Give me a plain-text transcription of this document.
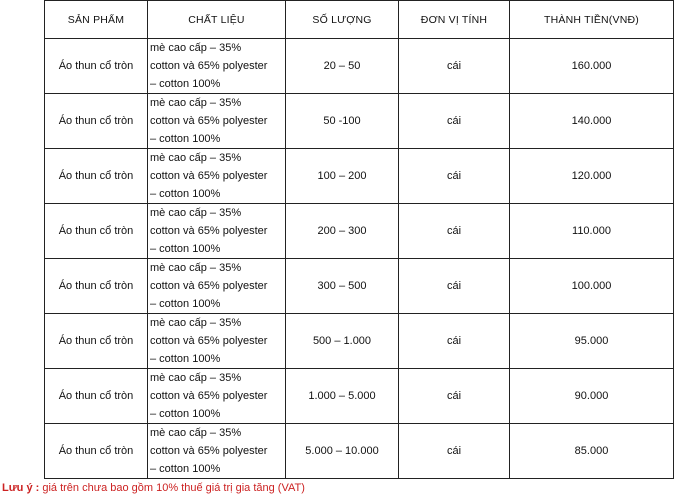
SẢN PHẨM	CHẤT LIỆU	SỐ LƯỢNG	ĐƠN VỊ TÍNH	THÀNH TIỀN(VNĐ)
Áo thun cổ tròn	mè cao cấp – 35%
cotton và 65% polyester
– cotton 100%	20 – 50	cái	160.000
Áo thun cổ tròn	mè cao cấp – 35%
cotton và 65% polyester
– cotton 100%	50 -100	cái	140.000
Áo thun cổ tròn	mè cao cấp – 35%
cotton và 65% polyester
– cotton 100%	100 – 200	cái	120.000
Áo thun cổ tròn	mè cao cấp – 35%
cotton và 65% polyester
– cotton 100%	200 – 300	cái	110.000
Áo thun cổ tròn	mè cao cấp – 35%
cotton và 65% polyester
– cotton 100%	300 – 500	cái	100.000
Áo thun cổ tròn	mè cao cấp – 35%
cotton và 65% polyester
– cotton 100%	500 – 1.000	cái	95.000
Áo thun cổ tròn	mè cao cấp – 35%
cotton và 65% polyester
– cotton 100%	1.000 – 5.000	cái	90.000
Áo thun cổ tròn	mè cao cấp – 35%
cotton và 65% polyester
– cotton 100%	5.000 – 10.000	cái	85.000
Lưu ý : giá trên chưa bao gồm 10% thuế giá trị gia tăng (VAT)
